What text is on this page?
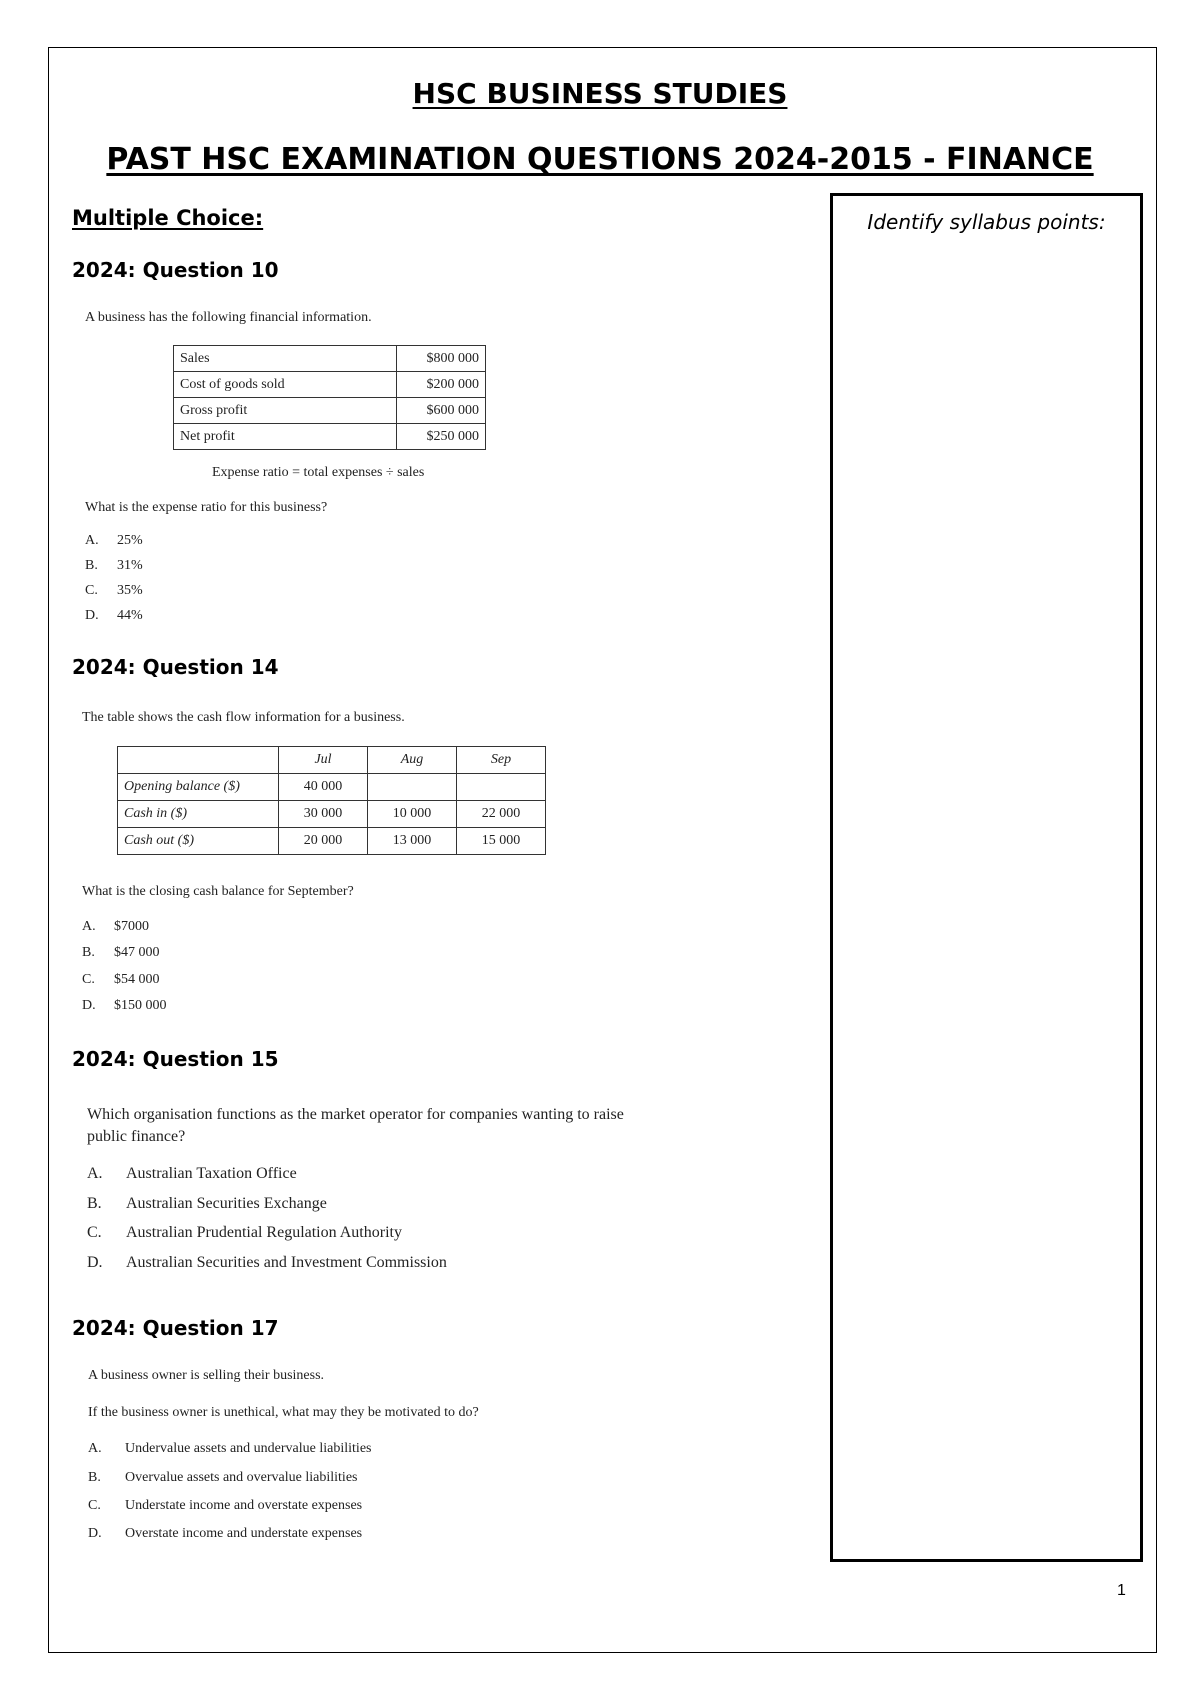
HSC BUSINESS STUDIES
PAST HSC EXAMINATION QUESTIONS 2024-2015 - FINANCE
Identify syllabus points:
Multiple Choice:
2024: Question 10
A business has the following financial information.
Sales	$800 000
Cost of goods sold	$200 000
Gross profit	$600 000
Net profit	$250 000
Expense ratio = total expenses ÷ sales
What is the expense ratio for this business?
A. 25%
B. 31%
C. 35%
D. 44%
2024: Question 14
The table shows the cash flow information for a business.
	Jul	Aug	Sep
Opening balance ($)	40 000		
Cash in ($)	30 000	10 000	22 000
Cash out ($)	20 000	13 000	15 000
What is the closing cash balance for September?
A. $7000
B. $47 000
C. $54 000
D. $150 000
2024: Question 15
Which organisation functions as the market operator for companies wanting to raise
public finance?
A. Australian Taxation Office
B. Australian Securities Exchange
C. Australian Prudential Regulation Authority
D. Australian Securities and Investment Commission
2024: Question 17
A business owner is selling their business.
If the business owner is unethical, what may they be motivated to do?
A. Undervalue assets and undervalue liabilities
B. Overvalue assets and overvalue liabilities
C. Understate income and overstate expenses
D. Overstate income and understate expenses
1
